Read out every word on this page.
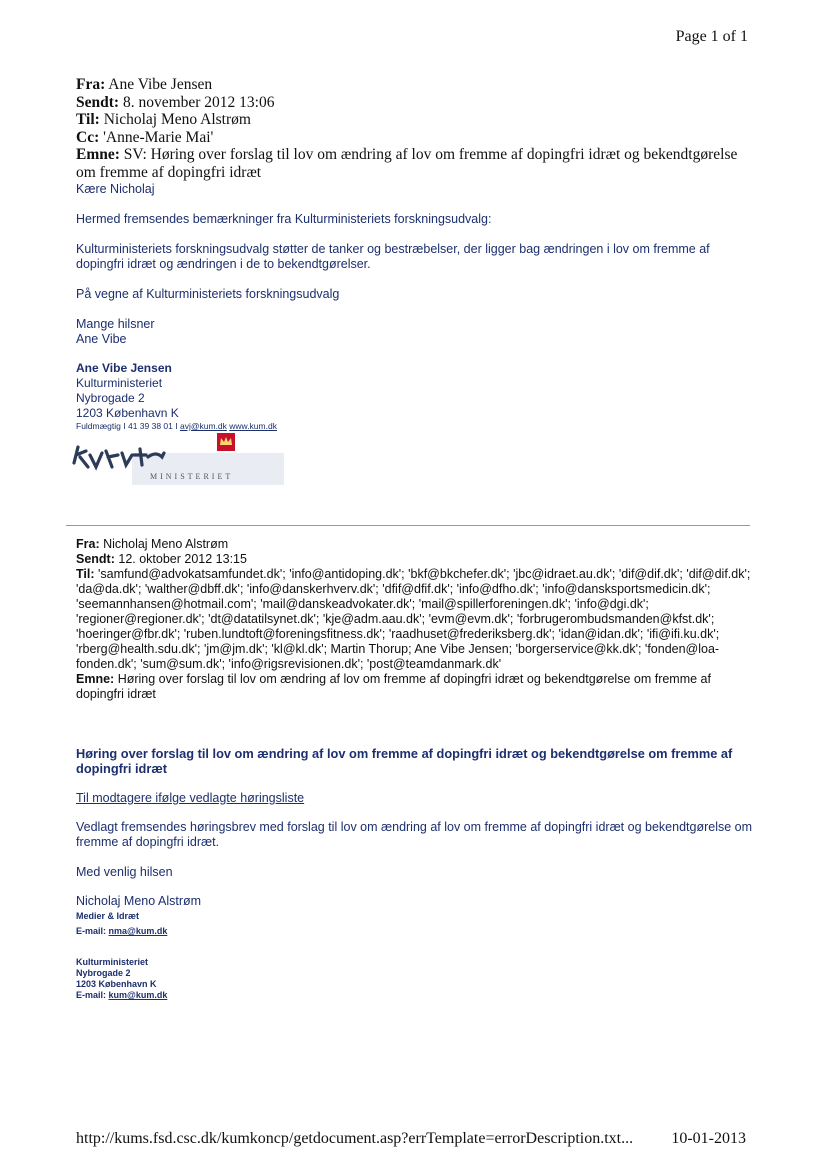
Page 1 of 1
Fra: Ane Vibe Jensen
Sendt: 8. november 2012 13:06
Til: Nicholaj Meno Alstrøm
Cc: 'Anne-Marie Mai'
Emne: SV: Høring over forslag til lov om ændring af lov om fremme af dopingfri idræt og bekendtgørelse om fremme af dopingfri idræt
Kære Nicholaj
Hermed fremsendes bemærkninger fra Kulturministeriets forskningsudvalg:
Kulturministeriets forskningsudvalg støtter de tanker og bestræbelser, der ligger bag ændringen i lov om fremme af dopingfri idræt og ændringen i de to bekendtgørelser.
På vegne af Kulturministeriets forskningsudvalg
Mange hilsner
Ane Vibe
Ane Vibe Jensen
Kulturministeriet
Nybrogade 2
1203 København K
Fuldmægtig I 41 39 38 01 I avj@kum.dk www.kum.dk
MINISTERIET
Fra: Nicholaj Meno Alstrøm
Sendt: 12. oktober 2012 13:15
Til: 'samfund@advokatsamfundet.dk'; 'info@antidoping.dk'; 'bkf@bkchefer.dk'; 'jbc@idraet.au.dk'; 'dif@dif.dk'; 'dif@dif.dk'; 'da@da.dk'; 'walther@dbff.dk'; 'info@danskerhverv.dk'; 'dfif@dfif.dk'; 'info@dfho.dk'; 'info@dansksportsmedicin.dk'; 'seemannhansen@hotmail.com'; 'mail@danskeadvokater.dk'; 'mail@spillerforeningen.dk'; 'info@dgi.dk'; 'regioner@regioner.dk'; 'dt@datatilsynet.dk'; 'kje@adm.aau.dk'; 'evm@evm.dk'; 'forbrugerombudsmanden@kfst.dk'; 'hoeringer@fbr.dk'; 'ruben.lundtoft@foreningsfitness.dk'; 'raadhuset@frederiksberg.dk'; 'idan@idan.dk'; 'ifi@ifi.ku.dk'; 'rberg@health.sdu.dk'; 'jm@jm.dk'; 'kl@kl.dk'; Martin Thorup; Ane Vibe Jensen; 'borgerservice@kk.dk'; 'fonden@loa-fonden.dk'; 'sum@sum.dk'; 'info@rigsrevisionen.dk'; 'post@teamdanmark.dk'
Emne: Høring over forslag til lov om ændring af lov om fremme af dopingfri idræt og bekendtgørelse om fremme af dopingfri idræt
Høring over forslag til lov om ændring af lov om fremme af dopingfri idræt og bekendtgørelse om fremme af dopingfri idræt
Til modtagere ifølge vedlagte høringsliste
Vedlagt fremsendes høringsbrev med forslag til lov om ændring af lov om fremme af dopingfri idræt og bekendtgørelse om fremme af dopingfri idræt.
Med venlig hilsen
Nicholaj Meno Alstrøm
Medier & Idræt
E-mail: nma@kum.dk
Kulturministeriet
Nybrogade 2
1203 København K
E-mail: kum@kum.dk
http://kums.fsd.csc.dk/kumkoncp/getdocument.asp?errTemplate=errorDescription.txt... 10-01-2013
